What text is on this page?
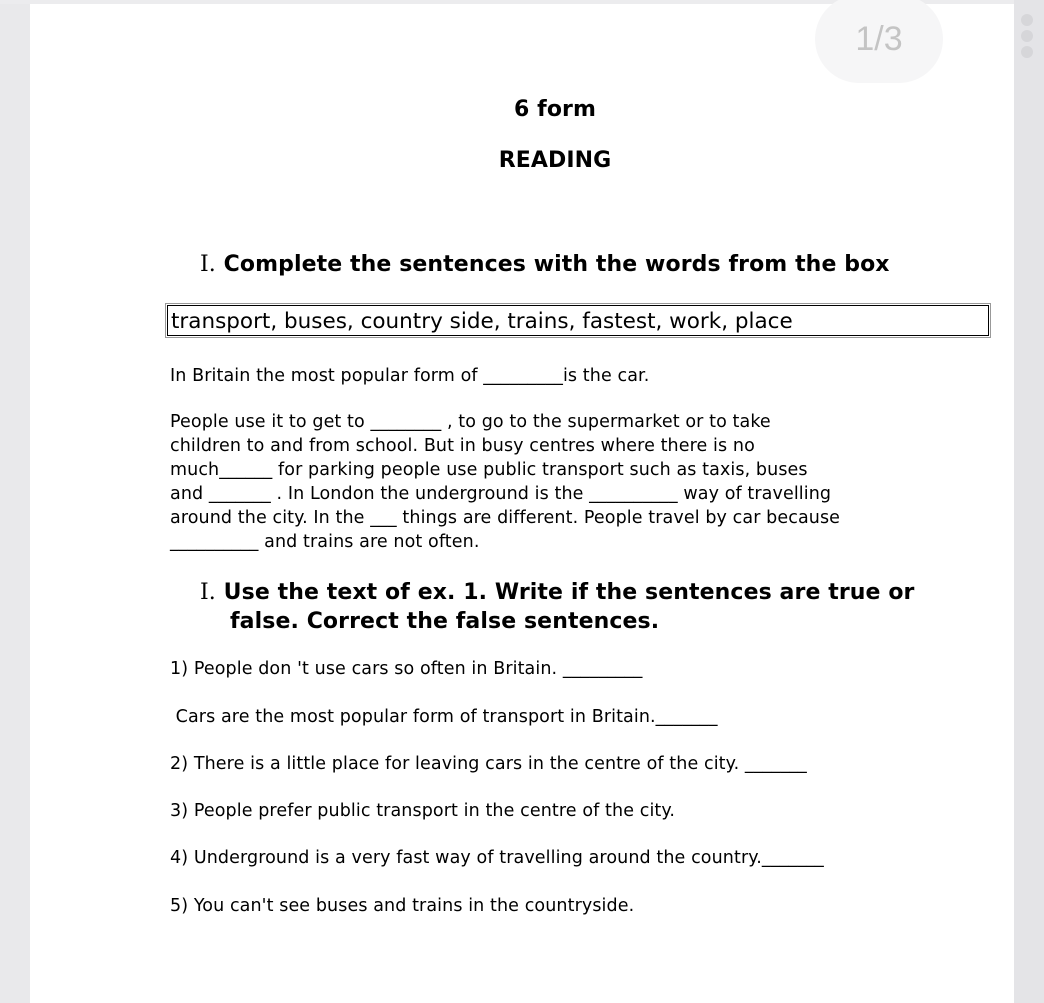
1/3
6 form
READING
I. Complete the sentences with the words from the box
transport, buses, country side, trains, fastest, work, place
In Britain the most popular form of _________is the car.
People use it to get to ________ , to go to the supermarket or to take
children to and from school. But in busy centres where there is no
much______ for parking people use public transport such as taxis, buses
and _______ . In London the underground is the __________ way of travelling
around the city. In the ___ things are different. People travel by car because
__________ and trains are not often.
I. Use the text of ex. 1. Write if the sentences are true or
false. Correct the false sentences.
1) People don 't use cars so often in Britain. _________
Cars are the most popular form of transport in Britain._______
2) There is a little place for leaving cars in the centre of the city. _______
3) People prefer public transport in the centre of the city.
4) Underground is a very fast way of travelling around the country._______
5) You can't see buses and trains in the countryside.
